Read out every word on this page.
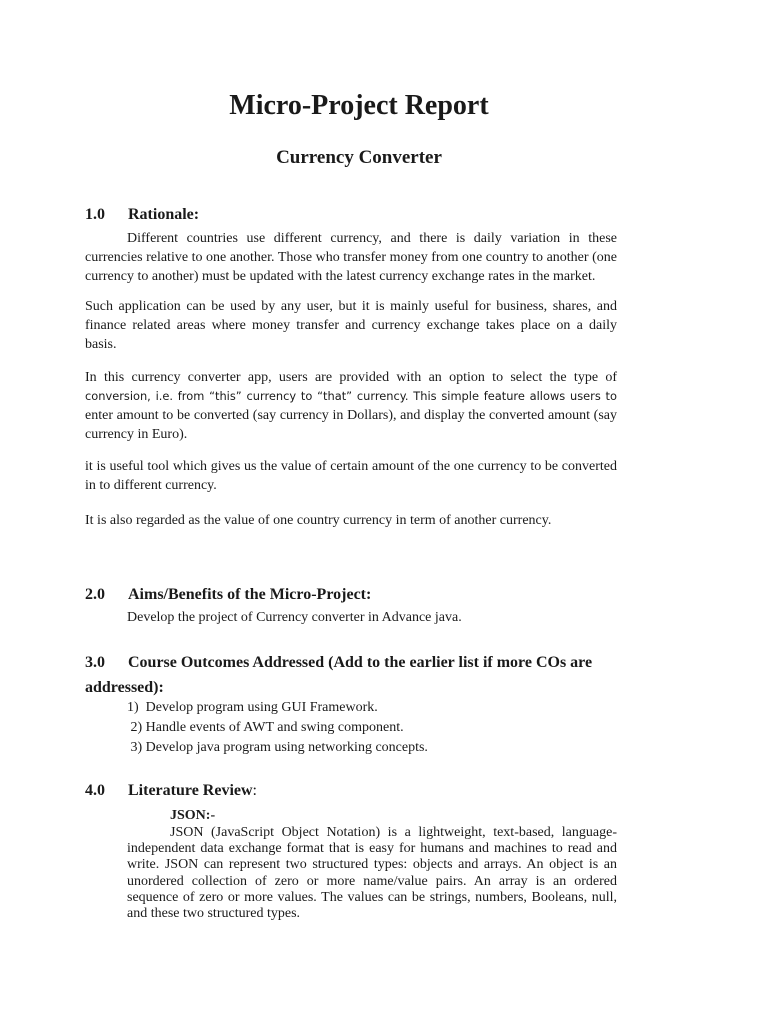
Micro-Project Report
Currency Converter
1.0 Rationale:

Different countries use different currency, and there is daily variation in these currencies relative to one another. Those who transfer money from one country to another (one currency to another) must be updated with the latest currency exchange rates in the market.

Such application can be used by any user, but it is mainly useful for business, shares, and finance related areas where money transfer and currency exchange takes place on a daily basis.

In this currency converter app, users are provided with an option to select the type of conversion, i.e. from “this” currency to “that” currency. This simple feature allows users to enter amount to be converted (say currency in Dollars), and display the converted amount (say currency in Euro).

it is useful tool which gives us the value of certain amount of the one currency to be converted in to different currency.

It is also regarded as the value of one country currency in term of another currency.

2.0 Aims/Benefits of the Micro-Project:

Develop the project of Currency converter in Advance java.

3.0 Course Outcomes Addressed (Add to the earlier list if more COs are
addressed):
1)  Develop program using GUI Framework.
2) Handle events of AWT and swing component.
3) Develop java program using networking concepts.
4.0 Literature Review:

JSON:-

JSON (JavaScript Object Notation) is a lightweight, text-based, language-independent data exchange format that is easy for humans and machines to read and write. JSON can represent two structured types: objects and arrays. An object is an unordered collection of zero or more name/value pairs. An array is an ordered sequence of zero or more values. The values can be strings, numbers, Booleans, null, and these two structured types.
